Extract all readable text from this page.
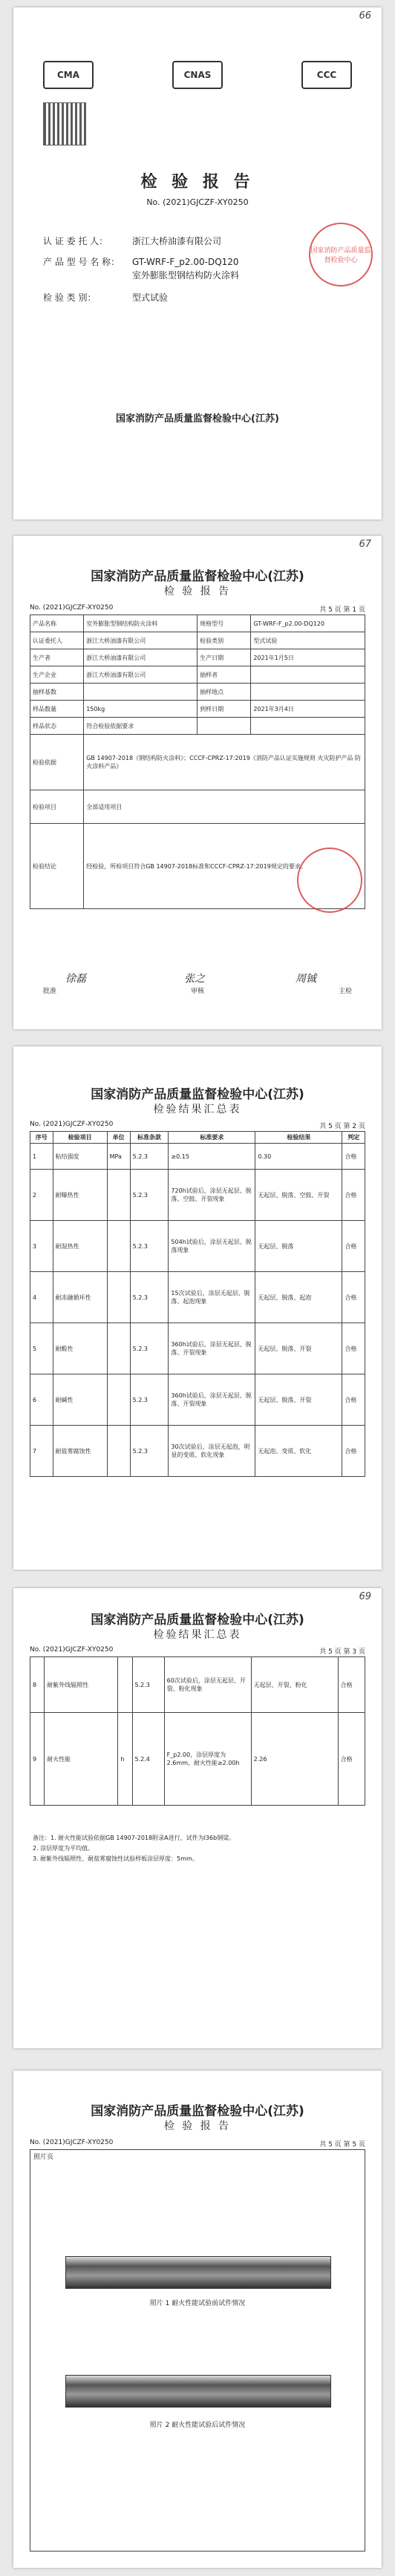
66
CMA	CNAS	CCC
检 验 报 告
No. (2021)GJCZF-XY0250
认 证 委 托 人：	浙江大桥油漆有限公司
产 品 型 号 名 称： GT-WRF-F_p2.00-DQ120
室外膨胀型钢结构防火涂料
检 验 类 别：	型式试验
国家消防产品质量监督检验中心
国家消防产品质量监督检验中心(江苏)
67
国家消防产品质量监督检验中心(江苏)
检 验 报 告
No. (2021)GJCZF-XY0250	共 5 页 第 1 页
产品名称	室外膨胀型钢结构防火涂料	规格型号	GT-WRF-F_p2.00-DQ120
认证委托人	浙江大桥油漆有限公司	检验类别	型式试验
生产者	浙江大桥油漆有限公司	生产日期	2021年1月5日
生产企业	浙江大桥油漆有限公司	抽样者	
抽样基数		抽样地点	
样品数量	150kg	到样日期	2021年3月4日
样品状态	符合检验依据要求		
检验依据	GB 14907-2018《钢结构防火涂料》；CCCF-CPRZ-17:2019《消防产品认证实施规则 火灾防护产品 防火涂料产品》		
检验项目	全部适用项目		
检验结论	经检验，所检项目符合GB 14907-2018标准和CCCF-CPRZ-17:2019规定的要求。		
批准	审核	主检
徐磊	张之	周铖
国家消防产品质量监督检验中心(江苏)
检验结果汇总表
No. (2021)GJCZF-XY0250	共 5 页 第 2 页
序号	检验项目	单位	标准条款	标准要求	检验结果	判定
1	粘结强度	MPa	5.2.3	≥0.15	0.30	合格
2	耐曝热性		5.2.3	720h试验后，涂层无起层、脱落、空鼓、开裂现象	无起层、脱落、空鼓、开裂	合格
3	耐湿热性		5.2.3	504h试验后，涂层无起层、脱落现象	无起层、脱落	合格
4	耐冻融循环性		5.2.3	15次试验后，涂层无起层、脱落、起泡现象	无起层、脱落、起泡	合格
5	耐酸性		5.2.3	360h试验后，涂层无起层、脱落、开裂现象	无起层、脱落、开裂	合格
6	耐碱性		5.2.3	360h试验后，涂层无起层、脱落、开裂现象	无起层、脱落、开裂	合格
7	耐盐雾腐蚀性		5.2.3	30次试验后，涂层无起泡，明显的变质、软化现象	无起泡、变质、软化	合格
69
国家消防产品质量监督检验中心(江苏)
检验结果汇总表
No. (2021)GJCZF-XY0250	共 5 页 第 3 页
8	耐紫外线辐照性		5.2.3	60次试验后，涂层无起层、开裂、粉化现象	无起层、开裂、粉化	合格
9	耐火性能	h	5.2.4	F_p2.00，涂层厚度为2.6mm，耐火性能≥2.00h	2.26	合格
备注：1. 耐火性能试验依据GB 14907-2018附录A进行，试件为I36b钢梁。
2. 涂层厚度为平均值。
3. 耐紫外线辐照性、耐盐雾腐蚀性试验样板涂层厚度：5mm。
国家消防产品质量监督检验中心(江苏)
检 验 报 告
No. (2021)GJCZF-XY0250	共 5 页 第 5 页
照片页
照片 1 耐火性能试验前试件情况
照片 2 耐火性能试验后试件情况
